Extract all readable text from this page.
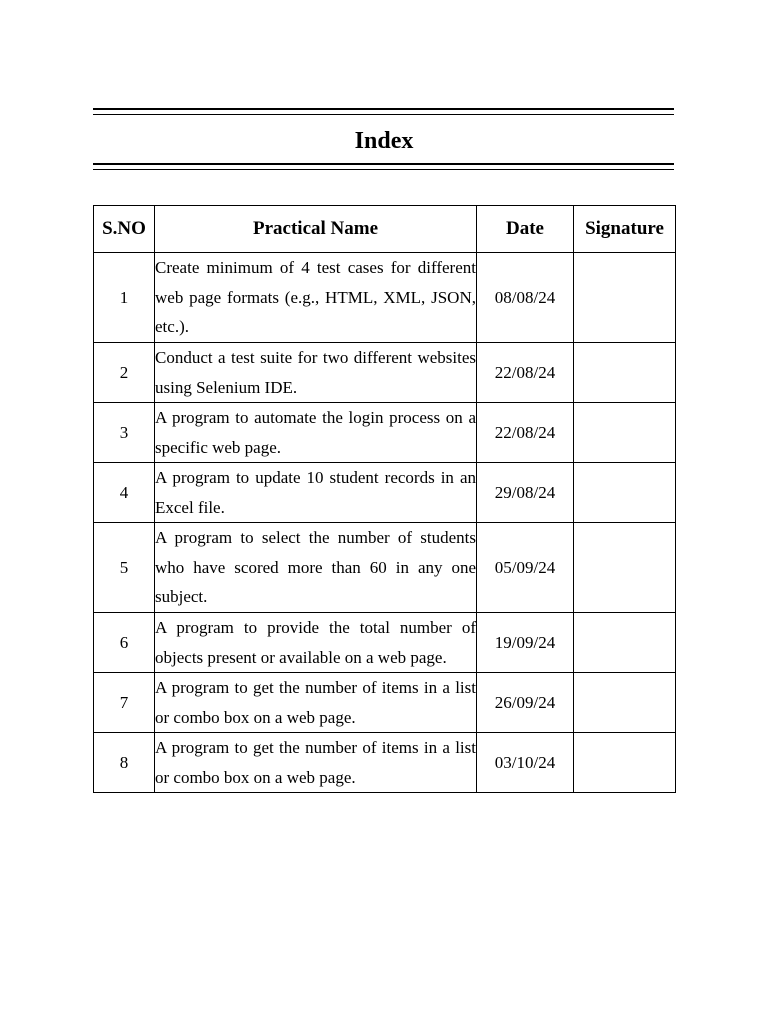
Index
S.NO	Practical Name	Date	Signature
1	Create minimum of 4 test cases for different web page formats (e.g., HTML, XML, JSON, etc.).	08/08/24	
2	Conduct a test suite for two different websites using Selenium IDE.	22/08/24	
3	A program to automate the login process on a specific web page.	22/08/24	
4	A program to update 10 student records in an Excel file.	29/08/24	
5	A program to select the number of students who have scored more than 60 in any one subject.	05/09/24	
6	A program to provide the total number of objects present or available on a web page.	19/09/24	
7	A program to get the number of items in a list or combo box on a web page.	26/09/24	
8	A program to get the number of items in a list or combo box on a web page.	03/10/24	
